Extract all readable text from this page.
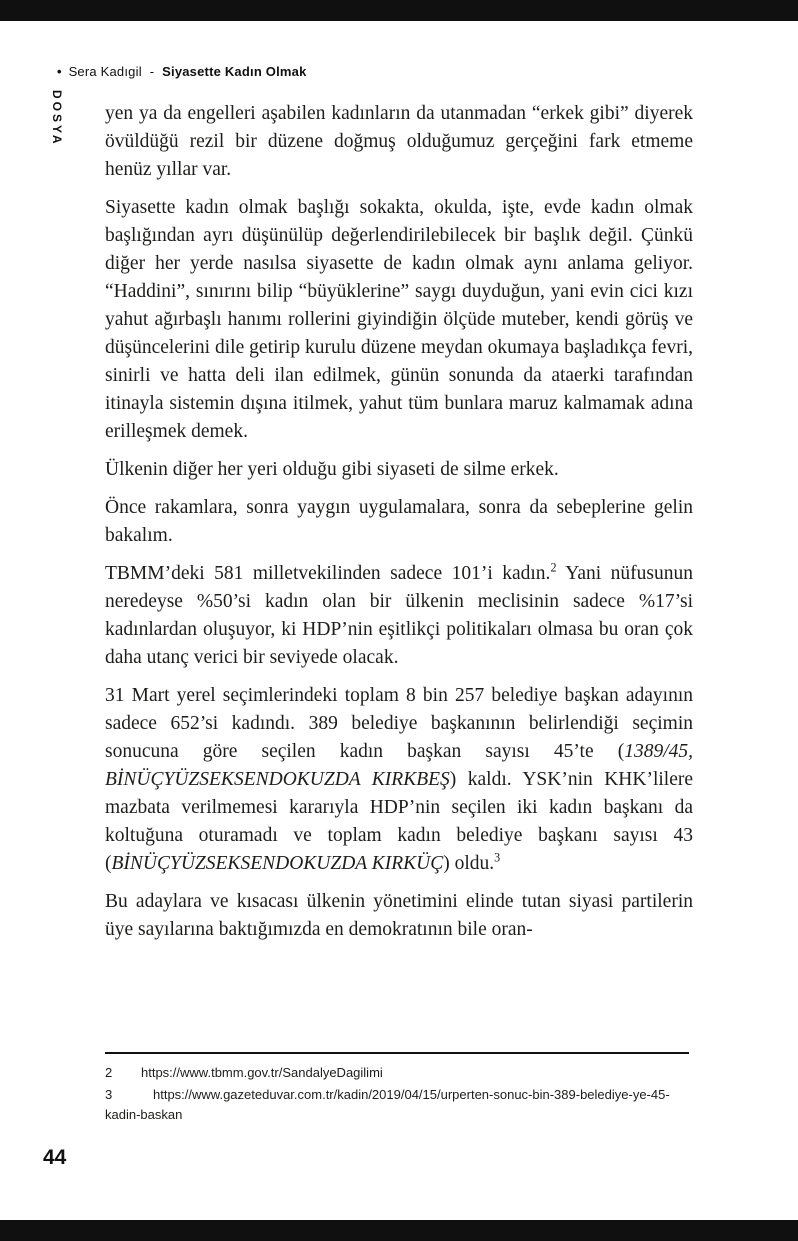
• Sera Kadıgil - Siyasette Kadın Olmak
DOSYA yen ya da engelleri aşabilen kadınların da utanmadan “erkek gibi” diyerek övüldüğü rezil bir düzene doğmuş olduğumuz gerçeğini fark etmeme henüz yıllar var.

Siyasette kadın olmak başlığı sokakta, okulda, işte, evde kadın olmak başlığından ayrı düşünülüp değerlendirilebilecek bir başlık değil. Çünkü diğer her yerde nasılsa siyasette de kadın olmak aynı anlama geliyor. “Haddini”, sınırını bilip “büyüklerine” saygı duyduğun, yani evin cici kızı yahut ağırbaşlı hanımı rollerini giyindiğin ölçüde muteber, kendi görüş ve düşüncelerini dile getirip kurulu düzene meydan okumaya başladıkça fevri, sinirli ve hatta deli ilan edilmek, günün sonunda da ataerki tarafından itinayla sistemin dışına itilmek, yahut tüm bunlara maruz kalmamak adına erilleşmek demek.

Ülkenin diğer her yeri olduğu gibi siyaseti de silme erkek.

Önce rakamlara, sonra yaygın uygulamalara, sonra da sebeplerine gelin bakalım.

TBMM’deki 581 milletvekilinden sadece 101’i kadın.$^2$ Yani nüfusunun neredeyse %50’si kadın olan bir ülkenin meclisinin sadece %17’si kadınlardan oluşuyor, ki HDP’nin eşitlikçi politikaları olmasa bu oran çok daha utanç verici bir seviyede olacak.

31 Mart yerel seçimlerindeki toplam 8 bin 257 belediye başkan adayının sadece 652’si kadındı. 389 belediye başkanının belirlendiği seçimin sonucuna göre seçilen kadın başkan sayısı 45’te (1389/45, BİNÜÇYÜZSEKSENDOKUZDA KIRKBEŞ) kaldı. YSK’nin KHK’lilere mazbata verilmemesi kararıyla HDP’nin seçilen iki kadın başkanı da koltuğuna oturamadı ve toplam kadın belediye başkanı sayısı 43 (BİNÜÇYÜZSEKSENDOKUZDA KIRKÜÇ) oldu.$^3$

Bu adaylara ve kısacası ülkenin yönetimini elinde tutan siyasi partilerin üye sayılarına baktığımızda en demokratının bile oran-

2 https://www.tbmm.gov.tr/SandalyeDagilimi

3	https://www.gazeteduvar.com.tr/kadin/2019/04/15/urperten-sonuc-bin-389-belediye-ye-45-kadin-baskan

44
